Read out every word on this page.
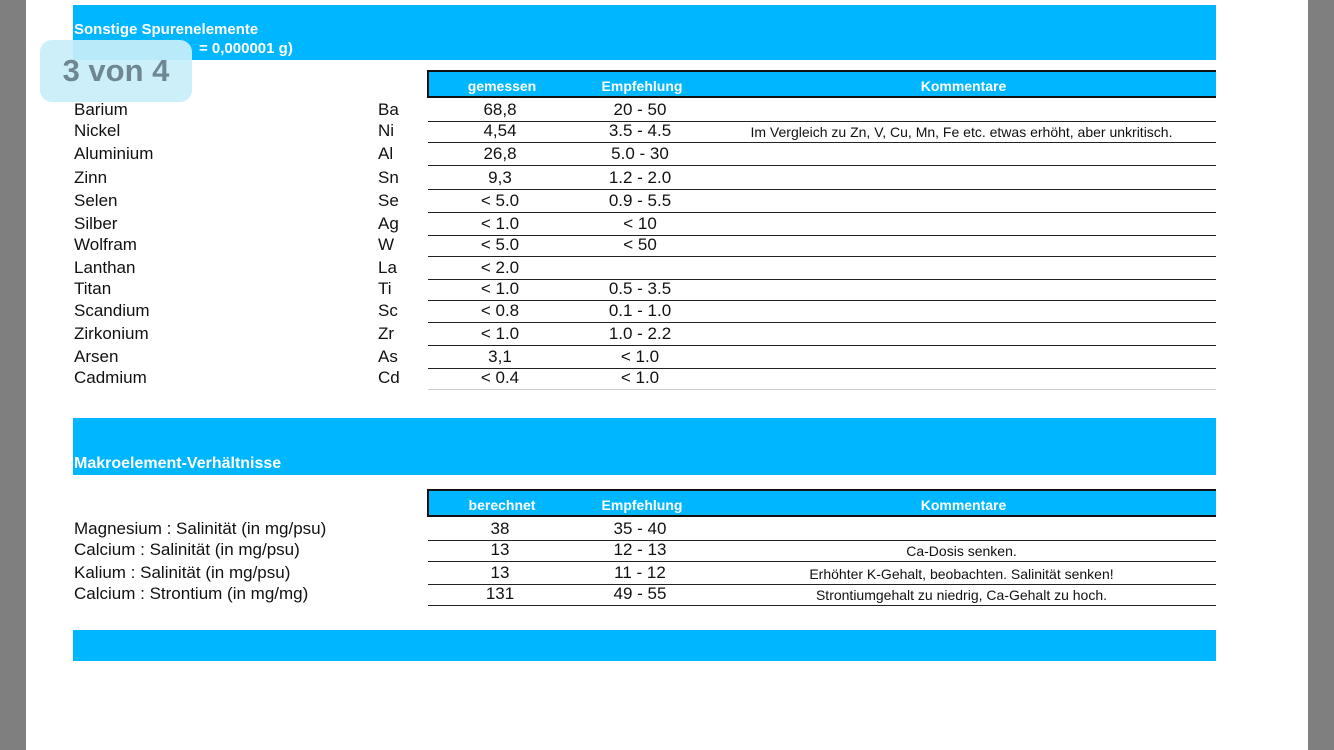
Sonstige Spurenelemente
= 0,000001 g)
3 von 4	gemessen	Empfehlung	Kommentare
Barium	Ba	68,8	20 - 50
Nickel	Ni	4,54	3.5 - 4.5	Im Vergleich zu Zn, V, Cu, Mn, Fe etc. etwas erhöht, aber unkritisch.
Aluminium	Al	26,8	5.0 - 30
Zinn	Sn	9,3	1.2 - 2.0
Selen	Se	< 5.0	0.9 - 5.5
Silber	Ag	< 1.0	< 10
Wolfram	W	< 5.0	< 50
Lanthan	La	< 2.0
Titan	Ti	< 1.0	0.5 - 3.5
Scandium	Sc	< 0.8	0.1 - 1.0
Zirkonium	Zr	< 1.0	1.0 - 2.2
Arsen	As	3,1	< 1.0
Cadmium	Cd	< 0.4	< 1.0
Makroelement-Verhältnisse
berechnet	Empfehlung	Kommentare
Magnesium : Salinität (in mg/psu)	38	35 - 40
Calcium : Salinität (in mg/psu)	13	12 - 13	Ca-Dosis senken.
Kalium : Salinität (in mg/psu)	13	11 - 12	Erhöhter K-Gehalt, beobachten. Salinität senken!
Calcium : Strontium (in mg/mg)	131	49 - 55	Strontiumgehalt zu niedrig, Ca-Gehalt zu hoch.
